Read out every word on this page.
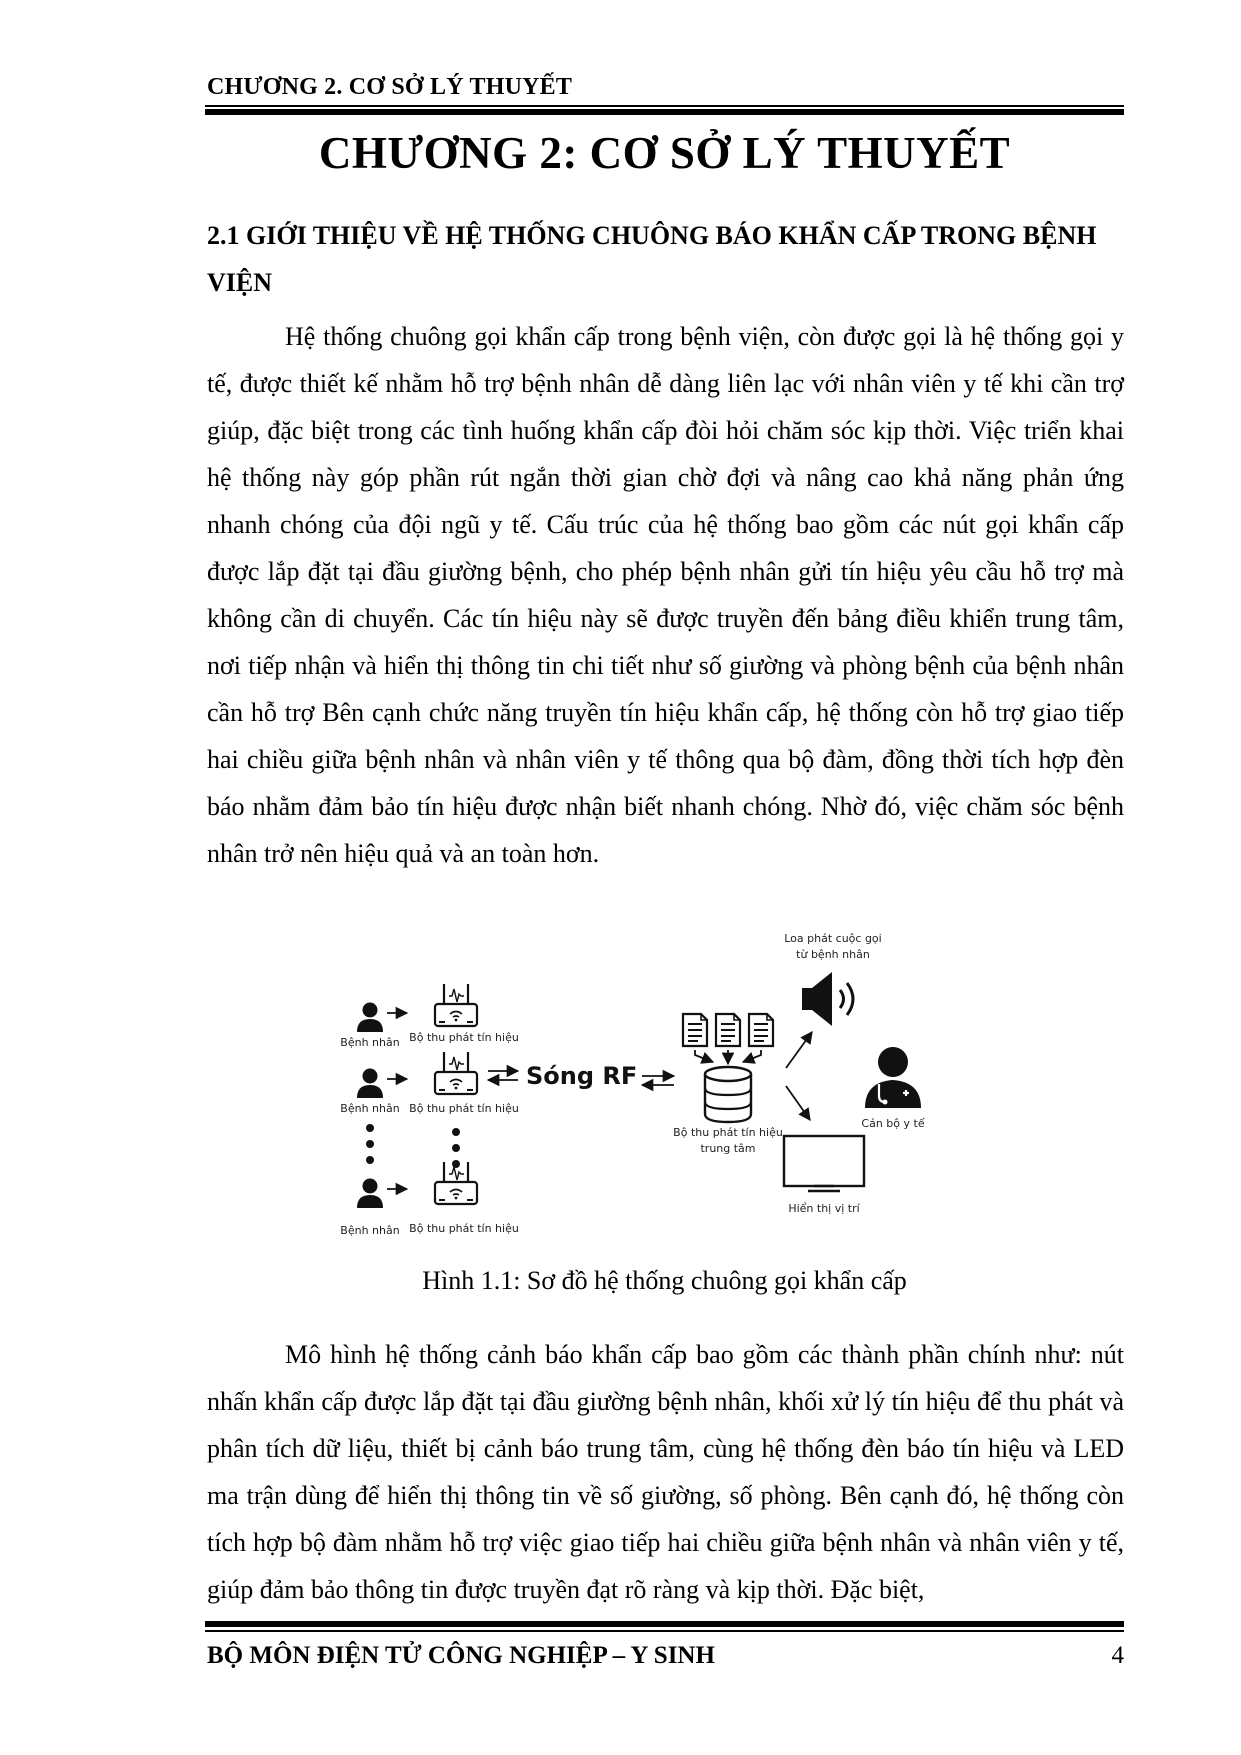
CHƯƠNG 2. CƠ SỞ LÝ THUYẾT
CHƯƠNG 2: CƠ SỞ LÝ THUYẾT
2.1 GIỚI THIỆU VỀ HỆ THỐNG CHUÔNG BÁO KHẨN CẤP TRONG BỆNH VIỆN

Hệ thống chuông gọi khẩn cấp trong bệnh viện, còn được gọi là hệ thống gọi y tế, được thiết kế nhằm hỗ trợ bệnh nhân dễ dàng liên lạc với nhân viên y tế khi cần trợ giúp, đặc biệt trong các tình huống khẩn cấp đòi hỏi chăm sóc kịp thời. Việc triển khai hệ thống này góp phần rút ngắn thời gian chờ đợi và nâng cao khả năng phản ứng nhanh chóng của đội ngũ y tế. Cấu trúc của hệ thống bao gồm các nút gọi khẩn cấp được lắp đặt tại đầu giường bệnh, cho phép bệnh nhân gửi tín hiệu yêu cầu hỗ trợ mà không cần di chuyển. Các tín hiệu này sẽ được truyền đến bảng điều khiển trung tâm, nơi tiếp nhận và hiển thị thông tin chi tiết như số giường và phòng bệnh của bệnh nhân cần hỗ trợ Bên cạnh chức năng truyền tín hiệu khẩn cấp, hệ thống còn hỗ trợ giao tiếp hai chiều giữa bệnh nhân và nhân viên y tế thông qua bộ đàm, đồng thời tích hợp đèn báo nhằm đảm bảo tín hiệu được nhận biết nhanh chóng. Nhờ đó, việc chăm sóc bệnh nhân trở nên hiệu quả và an toàn hơn.

Bệnh nhân
Bệnh nhân
Bệnh nhân
Bộ thu phát tín hiệu
Bộ thu phát tín hiệu
Bộ thu phát tín hiệu
Sóng RF
Bộ thu phát tín hiệu
trung tâm
Loa phát cuộc gọi
từ bệnh nhân
Cán bộ y tế
Hiển thị vị trí
Hình 1.1: Sơ đồ hệ thống chuông gọi khẩn cấp

Mô hình hệ thống cảnh báo khẩn cấp bao gồm các thành phần chính như: nút nhấn khẩn cấp được lắp đặt tại đầu giường bệnh nhân, khối xử lý tín hiệu để thu phát và phân tích dữ liệu, thiết bị cảnh báo trung tâm, cùng hệ thống đèn báo tín hiệu và LED ma trận dùng để hiển thị thông tin về số giường, số phòng. Bên cạnh đó, hệ thống còn tích hợp bộ đàm nhằm hỗ trợ việc giao tiếp hai chiều giữa bệnh nhân và nhân viên y tế, giúp đảm bảo thông tin được truyền đạt rõ ràng và kịp thời. Đặc biệt,

BỘ MÔN ĐIỆN TỬ CÔNG NGHIỆP – Y SINH	4
